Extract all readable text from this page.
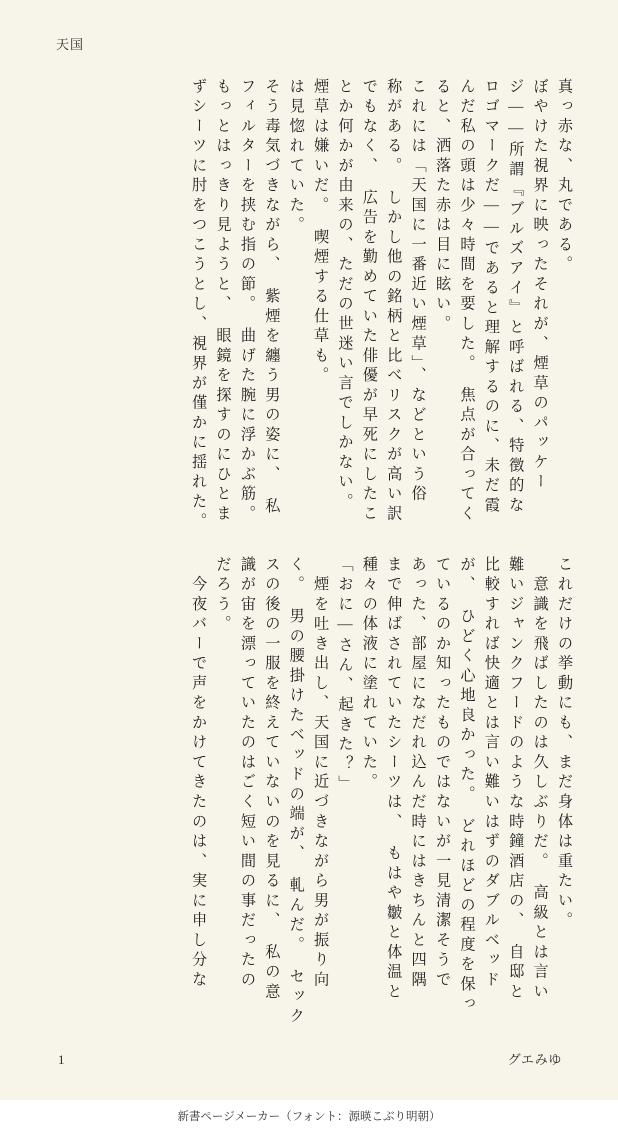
天国
真っ赤な、丸である。
ぼやけた視界に映ったそれが、煙草のパッケー
ジ——所謂『ブルズアイ』と呼ばれる、特徴的な
ロゴマークだ——であると理解するのに、未だ霞
んだ私の頭は少々時間を要した。　焦点が合ってく
ると、洒落た赤は目に眩い。
これには「天国に一番近い煙草」、などという俗
称がある。　しかし他の銘柄と比べリスクが高い訳
でもなく、　広告を勤めていた俳優が早死にしたこ
とか何かが由来の、ただの世迷い言でしかない。
煙草は嫌いだ。　喫煙する仕草も。
は見惚れていた。
そう毒気づきながら、　紫煙を纏う男の姿に、　私
フィルターを挟む指の節。　曲げた腕に浮かぶ筋。
もっとはっきり見ようと、　眼鏡を探すのにひとま
ずシーツに肘をつこうとし、視界が僅かに揺れた。
これだけの挙動にも、まだ身体は重たい。
　意識を飛ばしたのは久しぶりだ。　高級とは言い
難いジャンクフードのような時鐘酒店の、　自邸と
比較すれば快適とは言い難いはずのダブルベッド
が、　ひどく心地良かった。　どれほどの程度を保っ
ているのか知ったものではないが一見清潔そうで
あった、部屋になだれ込んだ時にはきちんと四隅
まで伸ばされていたシーツは、　もはや皺と体温と
種々の体液に塗れていた。
「おに—さん、起きた？」
　煙を吐き出し、天国に近づきながら男が振り向
く。　男の腰掛けたベッドの端が、　軋んだ。　セック
スの後の一服を終えていないのを見るに、　私の意
識が宙を漂っていたのはごく短い間の事だったの
だろう。
　今夜バーで声をかけてきたのは、実に申し分な
1	グエみゆ
新書ページメーカー（フォント：源暎こぶり明朝）
